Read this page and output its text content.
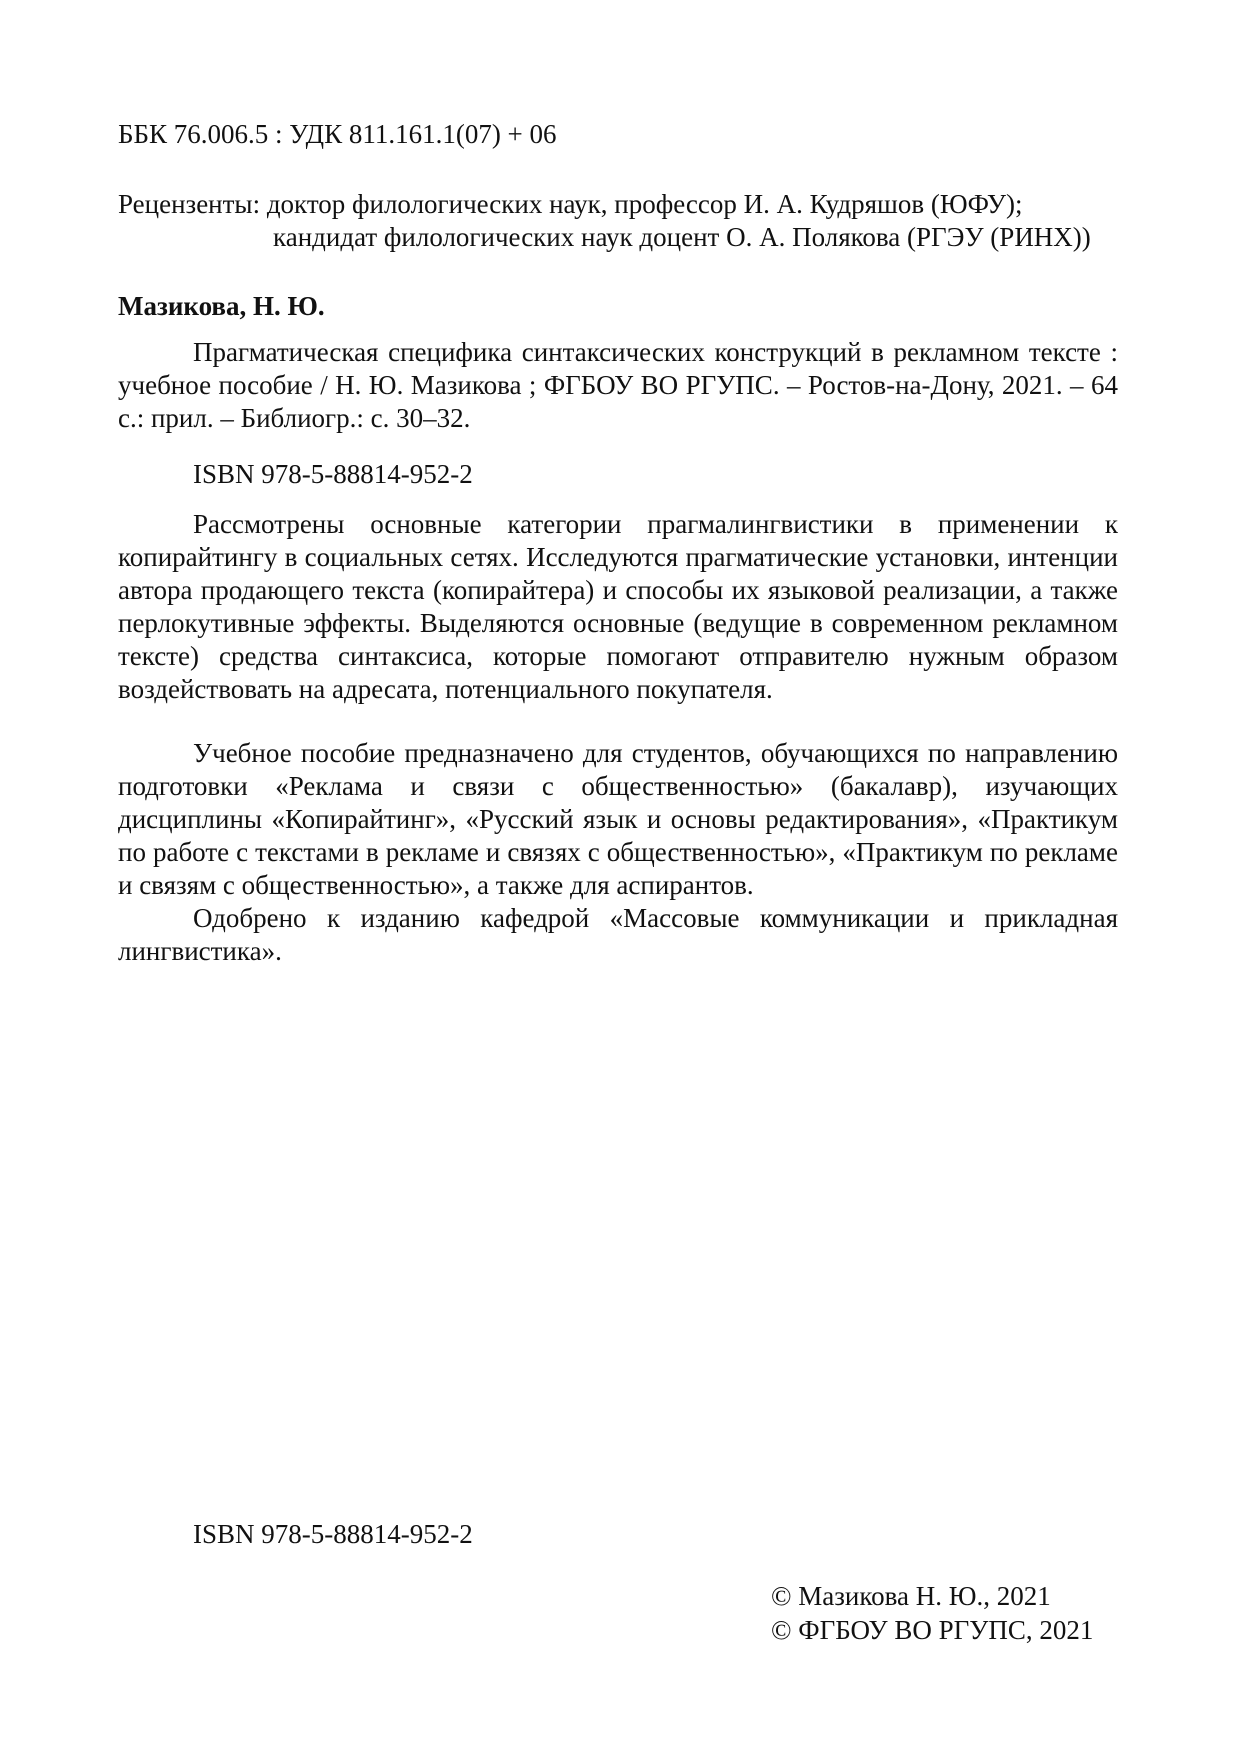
ББК 76.006.5 : УДК 811.161.1(07) + 06

Рецензенты: доктор филологических наук, профессор И. А. Кудряшов (ЮФУ);

кандидат филологических наук доцент О. А. Полякова (РГЭУ (РИНХ))

Мазикова, Н. Ю.

Прагматическая специфика синтаксических конструкций в рекламном тексте : учебное пособие / Н. Ю. Мазикова ; ФГБОУ ВО РГУПС. – Ростов-на-Дону, 2021. – 64 с.: прил. – Библиогр.: с. 30–32.

ISBN 978-5-88814-952-2

Рассмотрены основные категории прагмалингвистики в применении к копирайтингу в социальных сетях. Исследуются прагматические установки, интенции автора продающего текста (копирайтера) и способы их языковой реализации, а также перлокутивные эффекты. Выделяются основные (ведущие в современном рекламном тексте) средства синтаксиса, которые помогают отправителю нужным образом воздействовать на адресата, потенциального покупателя.

Учебное пособие предназначено для студентов, обучающихся по направлению подготовки «Реклама и связи с общественностью» (бакалавр), изучающих дисциплины «Копирайтинг», «Русский язык и основы редактирования», «Практикум по работе с текстами в рекламе и связях с общественностью», «Практикум по рекламе и связям с общественностью», а также для аспирантов.

Одобрено к изданию кафедрой «Массовые коммуникации и прикладная лингвистика».

ISBN 978-5-88814-952-2
© Мазикова Н. Ю., 2021
© ФГБОУ ВО РГУПС, 2021
